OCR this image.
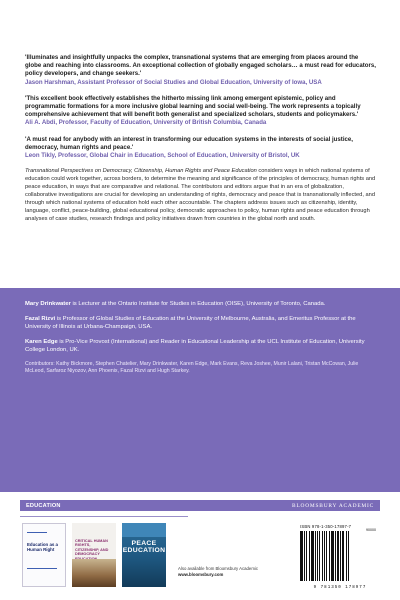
'Illuminates and insightfully unpacks the complex, transnational systems that are emerging from places around the globe and reaching into classrooms. An exceptional collection of globally engaged scholars… a must read for educators, policy developers, and change seekers.'

Jason Harshman, Assistant Professor of Social Studies and Global Education, University of Iowa, USA

'This excellent book effectively establishes the hitherto missing link among emergent epistemic, policy and programmatic formations for a more inclusive global learning and social well-being. The work represents a topically comprehensive achievement that will benefit both generalist and specialized scholars, students and policymakers.'

Ali A. Abdi, Professor, Faculty of Education, University of British Columbia, Canada

'A must read for anybody with an interest in transforming our education systems in the interests of social justice, democracy, human rights and peace.'

Leon Tikly, Professor, Global Chair in Education, School of Education, University of Bristol, UK

Transnational Perspectives on Democracy, Citizenship, Human Rights and Peace Education considers ways in which national systems of education could work together, across borders, to determine the meaning and significance of the principles of democracy, human rights and peace education, in ways that are comparative and relational. The contributors and editors argue that in an era of globalization, collaborative investigations are crucial for developing an understanding of rights, democracy and peace that is transnationally inflected, and through which national systems of education hold each other accountable. The chapters address issues such as citizenship, identity, language, conflict, peace-building, global educational policy, democratic approaches to policy, human rights and peace education through analyses of case studies, research findings and policy initiatives drawn from countries in the global north and south.

Mary Drinkwater is Lecturer at the Ontario Institute for Studies in Education (OISE), University of Toronto, Canada.

Fazal Rizvi is Professor of Global Studies of Education at the University of Melbourne, Australia, and Emeritus Professor at the University of Illinois at Urbana-Champaign, USA.

Karen Edge is Pro-Vice Provost (International) and Reader in Educational Leadership at the UCL Institute of Education, University College London, UK.

Contributors: Kathy Bickmore, Stephen Chatelier, Mary Drinkwater, Karen Edge, Mark Evans, Reva Joshee, Munir Lalani, Tristan McCowan, Julie McLeod, Sarfaroz Niyozov, Ann Phoenix, Fazal Rizvi and Hugh Starkey.

EDUCATION	BLOOMSBURY ACADEMIC
Education as a Human Right
CRITICAL HUMAN RIGHTS, CITIZENSHIP, AND DEMOCRACY
PEACE EDUCATION

Also available from Bloomsbury Academic

www.bloomsbury.com

ISBN 978-1-350-17897-7
90000
9 781350 178977
